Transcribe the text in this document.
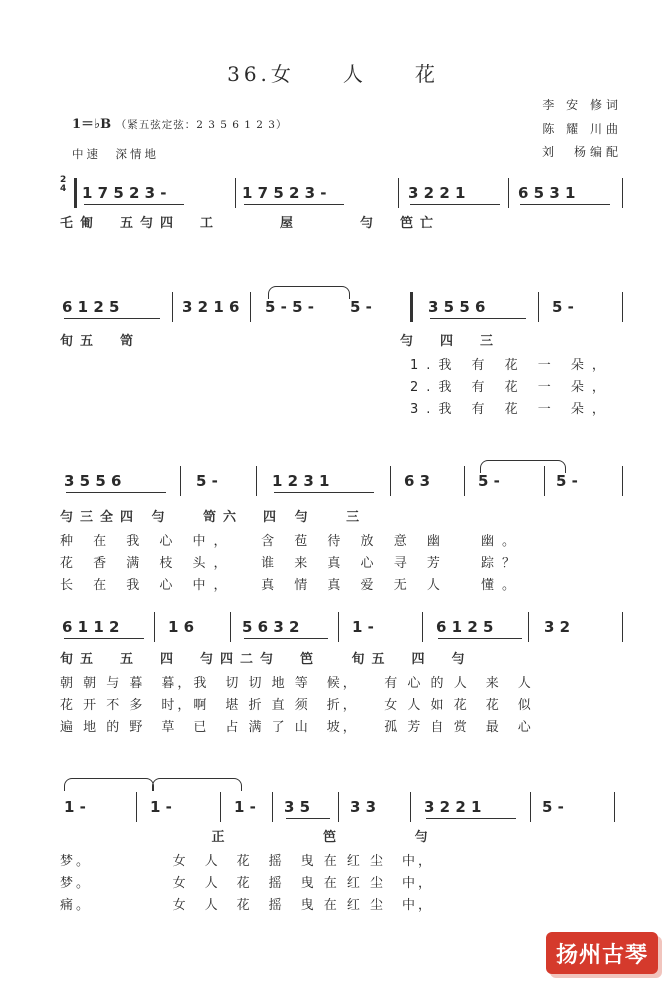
36.女　　人　　花
李 安 修词
陈 耀 川曲
刘　杨编配
1＝♭B （紧五弦定弦：2 3 5 6 1 2 3）
中速　深情地
2
4 1 7 5 2 3 -	1 7 5 2 3 -	3 2 2 1	6 5 3 1
乇匍　五勻四　工　　　屋　　　勻　笆亡
6 1 2 5	3 2 1 6 5 - 5 - 5 -	3 5 5 6	5 -
旬五　笥　　　　　　　　　　　　　勻　四　三
1.我 有 花 一 朵，
2.我 有 花 一 朵，
3.我 有 花 一 朵，
3 5 5 6	5 -	1 2 3 1	6 3	5 -	5 -
勻三全四 勻　 笥六　四 勻　 三
种 在 我 心 中，　 含 苞 待 放 意 幽　 幽。
花 香 满 枝 头，　 谁 来 真 心 寻 芳　 踪？
长 在 我 心 中，　 真 情 真 爱 无 人　 懂。
6 1 1 2	1 6	5 6 3 2	1 -	6 1 2 5	3 2
旬五　五　四　勻四二勻　笆　 旬五　四　勻
朝 朝 与 暮　暮，我　切 切 地 等　候，　　有 心 的 人　来　人
花 开 不 多　时，啊　堪 折 直 须　折，　　女 人 如 花　花　似
遍 地 的 野　草　已　占 满 了 山　坡，　　孤 芳 自 赏　最　心
1 -	1 -	1 - 3 5	3 3	3 2 2 1	5 -
　　　　　　　 正　　　　 笆　 　　勻
梦。　　　　　 女　人　花　摇　曳 在 红 尘　中，
梦。　　　　　 女　人　花　摇　曳 在 红 尘　中，
痛。　　　　　 女　人　花　摇　曳 在 红 尘　中，
扬州古琴
